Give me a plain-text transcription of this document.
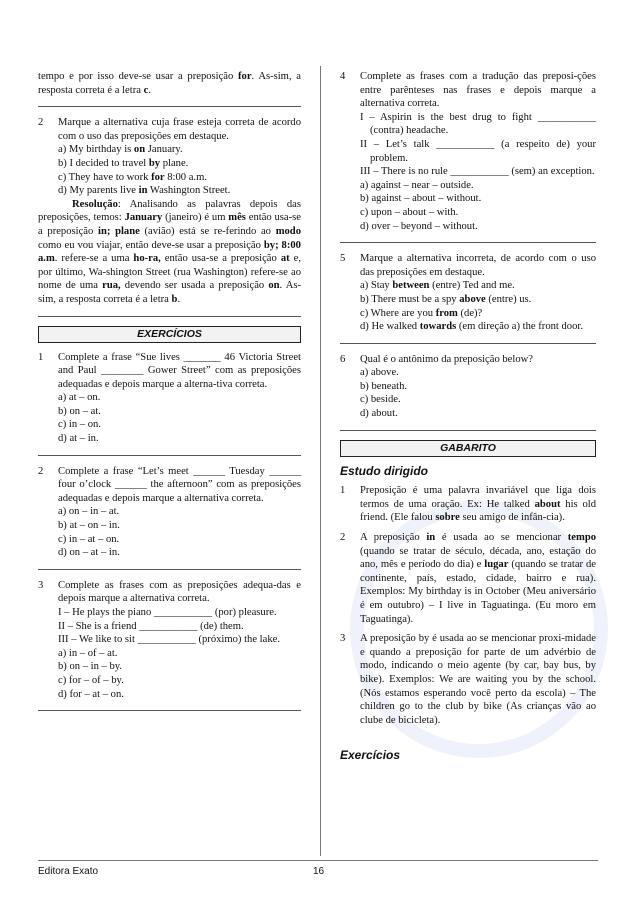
tempo e por isso deve-se usar a preposição for. As-sim, a resposta correta é a letra c.
2	Marque a alternativa cuja frase esteja correta de acordo com o uso das preposições em destaque.
a) My birthday is on January.
b) I decided to travel by plane.
c) They have to work for 8:00 a.m.
d) My parents live in Washington Street.
Resolução: Analisando as palavras depois das preposições, temos: January (janeiro) é um mês então usa-se a preposição in; plane (avião) está se re-ferindo ao modo como eu vou viajar, então deve-se usar a preposição by; 8:00 a.m. refere-se a uma ho-ra, então usa-se a preposição at e, por último, Wa-shington Street (rua Washington) refere-se ao nome de uma rua, devendo ser usada a preposição on. As-sim, a resposta correta é a letra b.
EXERCÍCIOS
1	Complete a frase “Sue lives _______ 46 Victoria Street and Paul ________ Gower Street” com as preposições adequadas e depois marque a alterna-tiva correta.
a) at – on.
b) on – at.
c) in – on.
d) at – in.
2	Complete a frase “Let’s meet ______ Tuesday ______ four o’clock ______ the afternoon” com as preposições adequadas e depois marque a alternativa correta.
a) on – in – at.
b) at – on – in.
c) in – at – on.
d) on – at – in.
3	Complete as frases com as preposições adequa-das e depois marque a alternativa correta.
I – He plays the piano ___________ (por) pleasure.
II – She is a friend ___________ (de) them.
III – We like to sit ___________ (próximo) the lake.
a) in – of – at.
b) on – in – by.
c) for – of – by.
d) for – at – on.
4	Complete as frases com a tradução das preposi-ções entre parênteses nas frases e depois marque a alternativa correta.
I – Aspirin is the best drug to fight ___________ (contra) headache.
II – Let’s talk ___________ (a respeito de) your problem.
III – There is no rule ___________ (sem) an exception.
a) against – near – outside.
b) against – about – without.
c) upon – about – with.
d) over – beyond – without.
5	Marque a alternativa incorreta, de acordo com o uso das preposições em destaque.
a) Stay between (entre) Ted and me.
b) There must be a spy above (entre) us.
c) Where are you from (de)?
d) He walked towards (em direção a) the front door.
6	Qual é o antônimo da preposição below?
a) above.
b) beneath.
c) beside.
d) about.
GABARITO
Estudo dirigido
1	Preposição é uma palavra invariável que liga dois termos de uma oração. Ex: He talked about his old friend. (Ele falou sobre seu amigo de infân-cia).
2	A preposição in é usada ao se mencionar tempo (quando se tratar de século, década, ano, estação do ano, mês e período do dia) e lugar (quando se tratar de continente, país, estado, cidade, bairro e rua). Exemplos: My birthday is in October (Meu aniversário é em outubro) – I live in Taguatinga. (Eu moro em Taguatinga).
3	A preposição by é usada ao se mencionar proxi-midade e quando a preposição for parte de um advérbio de modo, indicando o meio agente (by car, bay bus, by bike). Exemplos: We are waiting you by the school. (Nós estamos esperando você perto da escola) – The children go to the club by bike (As crianças vão ao clube de bicicleta).
Exercícios
Editora Exato	16
